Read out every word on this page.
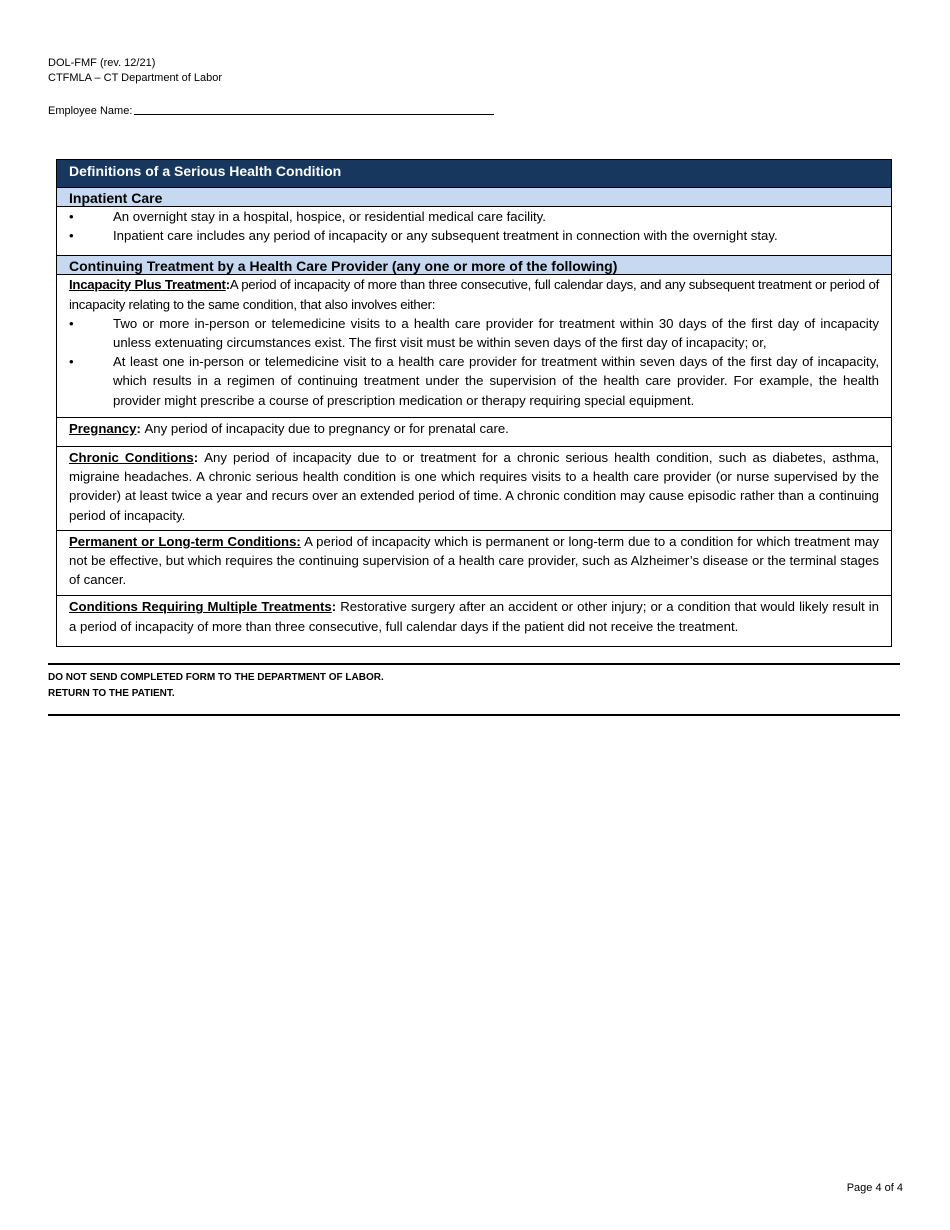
DOL-FMF (rev. 12/21)
CTFMLA – CT Department of Labor
Employee Name:
Definitions of a Serious Health Condition
Inpatient Care
•	An overnight stay in a hospital, hospice, or residential medical care facility.
•	Inpatient care includes any period of incapacity or any subsequent treatment in connection with the overnight stay.
Continuing Treatment by a Health Care Provider (any one or more of the following)
Incapacity Plus Treatment:A period of incapacity of more than three consecutive, full calendar days, and any subsequent treatment or period of incapacity relating to the same condition, that also involves either:
•	Two or more in-person or telemedicine visits to a health care provider for treatment within 30 days of the first day of incapacity unless extenuating circumstances exist. The first visit must be within seven days of the first day of incapacity; or,
•	At least one in-person or telemedicine visit to a health care provider for treatment within seven days of the first day of incapacity, which results in a regimen of continuing treatment under the supervision of the health care provider. For example, the health provider might prescribe a course of prescription medication or therapy requiring special equipment.
Pregnancy: Any period of incapacity due to pregnancy or for prenatal care.
Chronic Conditions: Any period of incapacity due to or treatment for a chronic serious health condition, such as diabetes, asthma, migraine headaches. A chronic serious health condition is one which requires visits to a health care provider (or nurse supervised by the provider) at least twice a year and recurs over an extended period of time. A chronic condition may cause episodic rather than a continuing period of incapacity.
Permanent or Long-term Conditions: A period of incapacity which is permanent or long-term due to a condition for which treatment may not be effective, but which requires the continuing supervision of a health care provider, such as Alzheimer’s disease or the terminal stages of cancer.
Conditions Requiring Multiple Treatments: Restorative surgery after an accident or other injury; or a condition that would likely result in a period of incapacity of more than three consecutive, full calendar days if the patient did not receive the treatment.
DO NOT SEND COMPLETED FORM TO THE DEPARTMENT OF LABOR.
RETURN TO THE PATIENT.
Page 4 of 4
